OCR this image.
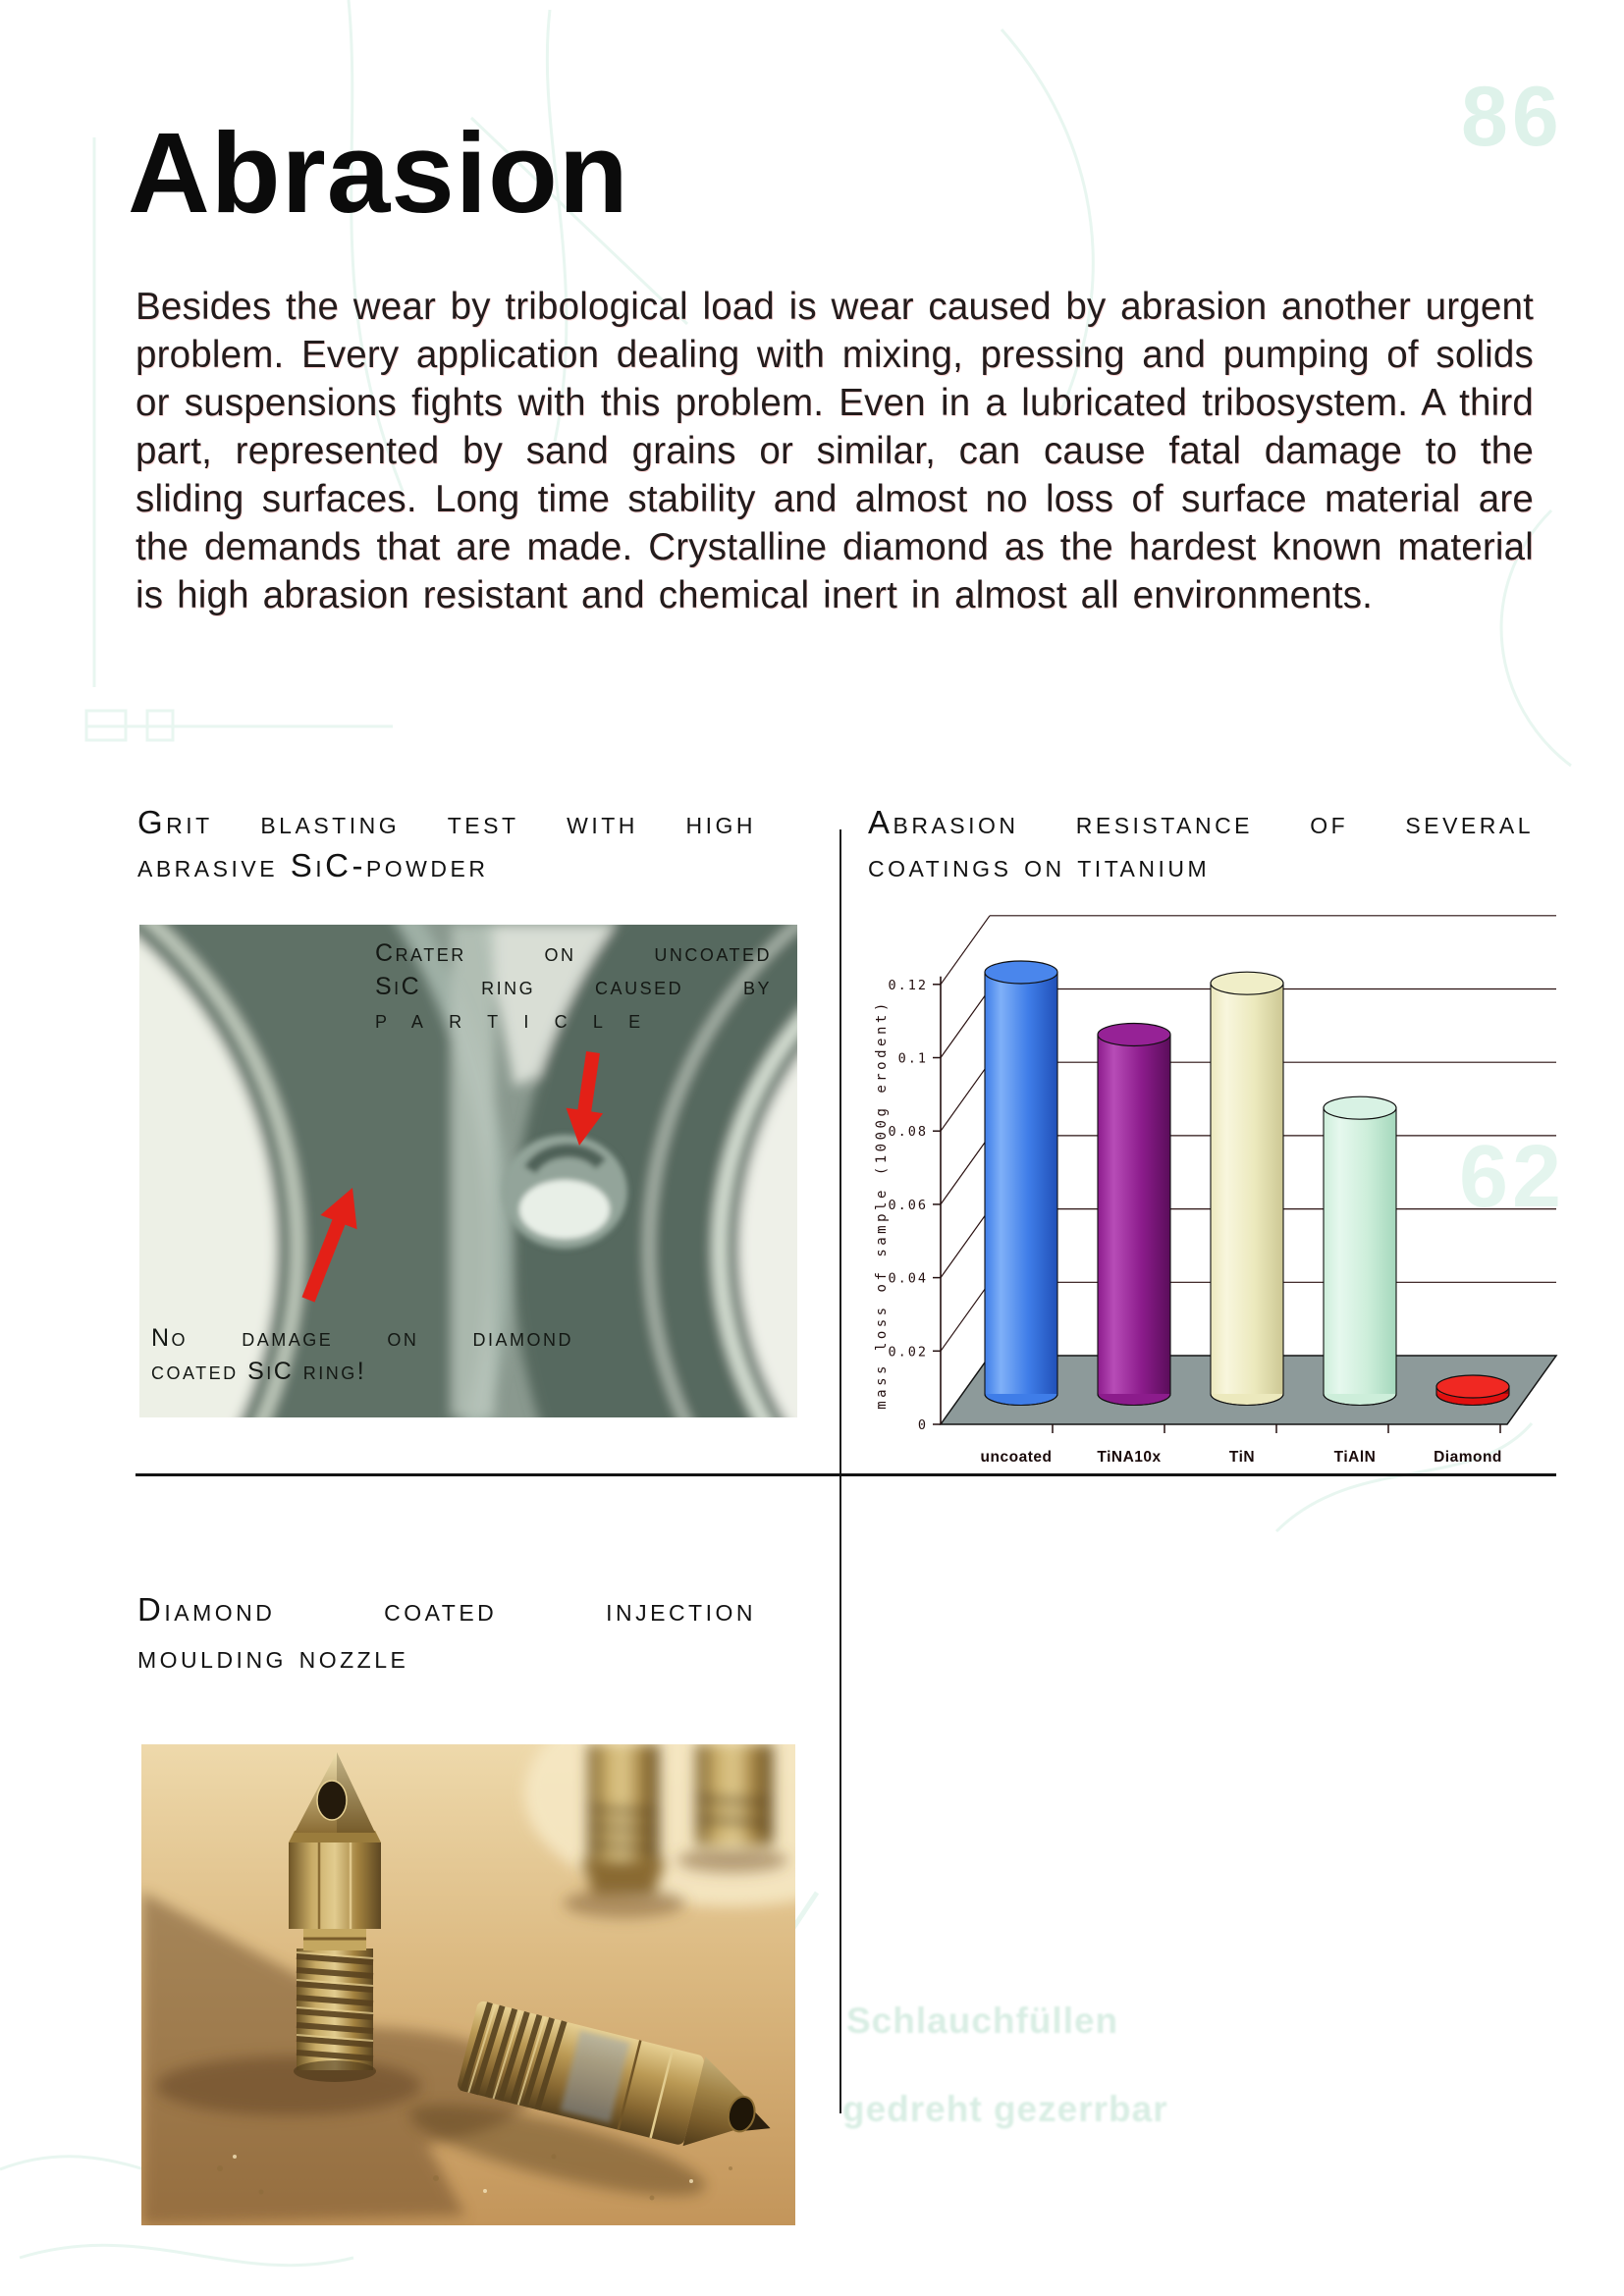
86
62
Schlauchfüllen
gedreht gezerrbar
Abrasion
Besides the wear by tribological load is wear caused by abrasion another urgent problem. Every application dealing with mixing, pressing and pumping of solids or suspensions fights with this problem. Even in a lubricated tribosystem. A third part, represented by sand grains or similar, can cause fatal damage to the sliding surfaces. Long time stability and almost no loss of surface material are the demands that are made. Crystalline diamond as the hardest known material is high abrasion resistant and chemical inert in almost all environments.
Grit blasting test with high
abrasive SiC-powder
Abrasion resistance of several
coatings on titanium
Diamond coated injection
moulding nozzle
Crater on uncoated
SiC ring caused by
particle
No damage on diamond
coated SiC ring!
0
0.02
0.04
0.06
0.08
0.1
0.12
uncoated	TiNA10x	TiN	TiAlN	Diamond
mass loss of sample (1000g erodent)
